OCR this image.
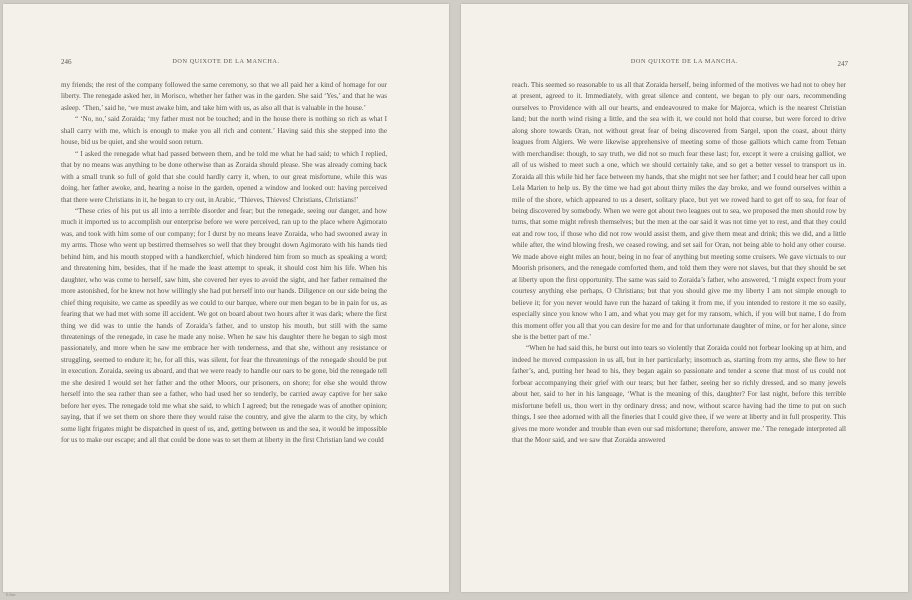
246	DON QUIXOTE DE LA MANCHA.

my friends; the rest of the company followed the same ceremony, so that we all paid her a kind of homage for our liberty. The renegade asked her, in Morisco, whether her father was in the garden. She said ‘Yes,’ and that he was asleep. ‘Then,’ said he, ‘we must awake him, and take him with us, as also all that is valuable in the house.’

“ ‘No, no,’ said Zoraida; ‘my father must not be touched; and in the house there is nothing so rich as what I shall carry with me, which is enough to make you all rich and content.’ Having said this she stepped into the house, bid us be quiet, and she would soon return.

“ I asked the renegade what had passed between them, and he told me what he had said; to which I replied, that by no means was anything to be done otherwise than as Zoraida should please. She was already coming back with a small trunk so full of gold that she could hardly carry it, when, to our great misfortune, while this was doing, her father awoke, and, hearing a noise in the garden, opened a window and looked out: having perceived that there were Christians in it, he began to cry out, in Arabic, ‘Thieves, Thieves! Christians, Christians!’

“These cries of his put us all into a terrible disorder and fear; but the renegade, seeing our danger, and how much it imported us to accomplish our enterprise before we were perceived, ran up to the place where Agimorato was, and took with him some of our company; for I durst by no means leave Zoraida, who had swooned away in my arms. Those who went up bestirred themselves so well that they brought down Agimorato with his hands tied behind him, and his mouth stopped with a handkerchief, which hindered him from so much as speaking a word; and threatening him, besides, that if he made the least attempt to speak, it should cost him his life. When his daughter, who was come to herself, saw him, she covered her eyes to avoid the sight, and her father remained the more astonished, for he knew not how willingly she had put herself into our hands. Diligence on our side being the chief thing requisite, we came as speedily as we could to our barque, where our men began to be in pain for us, as fearing that we had met with some ill accident. We got on board about two hours after it was dark; where the first thing we did was to untie the hands of Zoraida’s father, and to unstop his mouth, but still with the same threatenings of the renegade, in case he made any noise. When he saw his daughter there he began to sigh most passionately, and more when he saw me embrace her with tenderness, and that she, without any resistance or struggling, seemed to endure it; he, for all this, was silent, for fear the threatenings of the renegade should be put in execution. Zoraida, seeing us aboard, and that we were ready to handle our oars to be gone, bid the renegade tell me she desired I would set her father and the other Moors, our prisoners, on shore; for else she would throw herself into the sea rather than see a father, who had used her so tenderly, be carried away captive for her sake before her eyes. The renegade told me what she said, to which I agreed; but the renegade was of another opinion; saying, that if we set them on shore there they would raise the country, and give the alarm to the city, by which some light frigates might be dispatched in quest of us, and, getting between us and the sea, it would be impossible for us to make our escape; and all that could be done was to set them at liberty in the first Christian land we could

DON QUIXOTE DE LA MANCHA.	247

reach. This seemed so reasonable to us all that Zoraida herself, being informed of the motives we had not to obey her at present, agreed to it. Immediately, with great silence and content, we began to ply our oars, recommending ourselves to Providence with all our hearts, and endeavoured to make for Majorca, which is the nearest Christian land; but the north wind rising a little, and the sea with it, we could not hold that course, but were forced to drive along shore towards Oran, not without great fear of being discovered from Sargel, upon the coast, about thirty leagues from Algiers. We were likewise apprehensive of meeting some of those galliots which came from Tetuan with merchandise: though, to say truth, we did not so much fear these last; for, except it were a cruising galliot, we all of us wished to meet such a one, which we should certainly take, and so get a better vessel to transport us in. Zoraida all this while hid her face between my hands, that she might not see her father; and I could hear her call upon Lela Marien to help us. By the time we had got about thirty miles the day broke, and we found ourselves within a mile of the shore, which appeared to us a desert, solitary place, but yet we rowed hard to get off to sea, for fear of being discovered by somebody. When we were got about two leagues out to sea, we proposed the men should row by turns, that some might refresh themselves; but the men at the oar said it was not time yet to rest, and that they could eat and row too, if those who did not row would assist them, and give them meat and drink; this we did, and a little while after, the wind blowing fresh, we ceased rowing, and set sail for Oran, not being able to hold any other course. We made above eight miles an hour, being in no fear of anything but meeting some cruisers. We gave victuals to our Moorish prisoners, and the renegade comforted them, and told them they were not slaves, but that they should be set at liberty upon the first opportunity. The same was said to Zoraida’s father, who answered, ‘I might expect from your courtesy anything else perhaps, O Christians; but that you should give me my liberty I am not simple enough to believe it; for you never would have run the hazard of taking it from me, if you intended to restore it me so easily, especially since you know who I am, and what you may get for my ransom, which, if you will but name, I do from this moment offer you all that you can desire for me and for that unfortunate daughter of mine, or for her alone, since she is the better part of me.’

“When he had said this, he burst out into tears so violently that Zoraida could not forbear looking up at him, and indeed he moved compassion in us all, but in her particularly; insomuch as, starting from my arms, she flew to her father’s, and, putting her head to his, they began again so passionate and tender a scene that most of us could not forbear accompanying their grief with our tears; but her father, seeing her so richly dressed, and so many jewels about her, said to her in his language, ‘What is the meaning of this, daughter? For last night, before this terrible misfortune befell us, thou wert in thy ordinary dress; and now, without scarce having had the time to put on such things, I see thee adorned with all the fineries that I could give thee, if we were at liberty and in full prosperity. This gives me more wonder and trouble than even our sad misfortune; therefore, answer me.’ The renegade interpreted all that the Moor said, and we saw that Zoraida answered

E.Nor.
